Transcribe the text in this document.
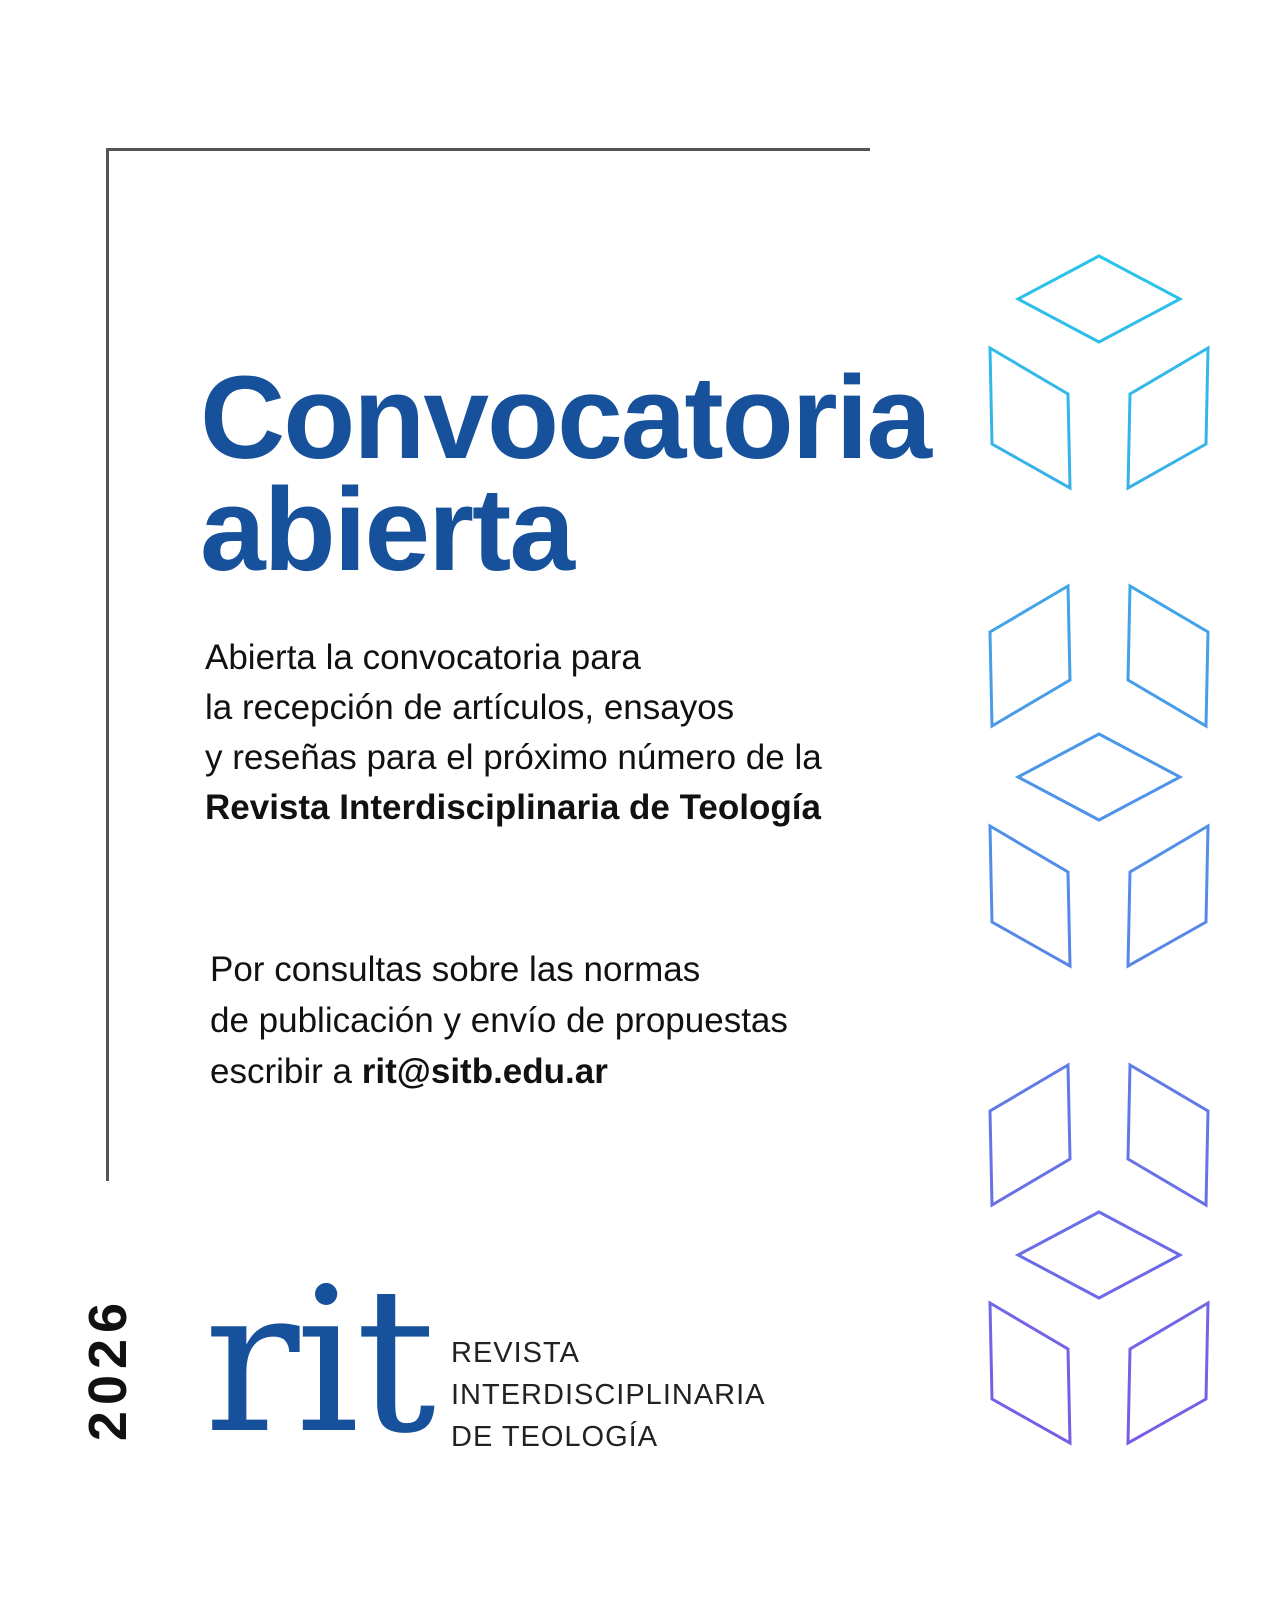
Convocatoria
abierta
Abierta la convocatoria para
la recepción de artículos, ensayos
y reseñas para el próximo número de la
Revista Interdisciplinaria de Teología
Por consultas sobre las normas
de publicación y envío de propuestas
escribir a rit@sitb.edu.ar
2026 rit REVISTA
INTERDISCIPLINARIA
DE TEOLOGÍA
